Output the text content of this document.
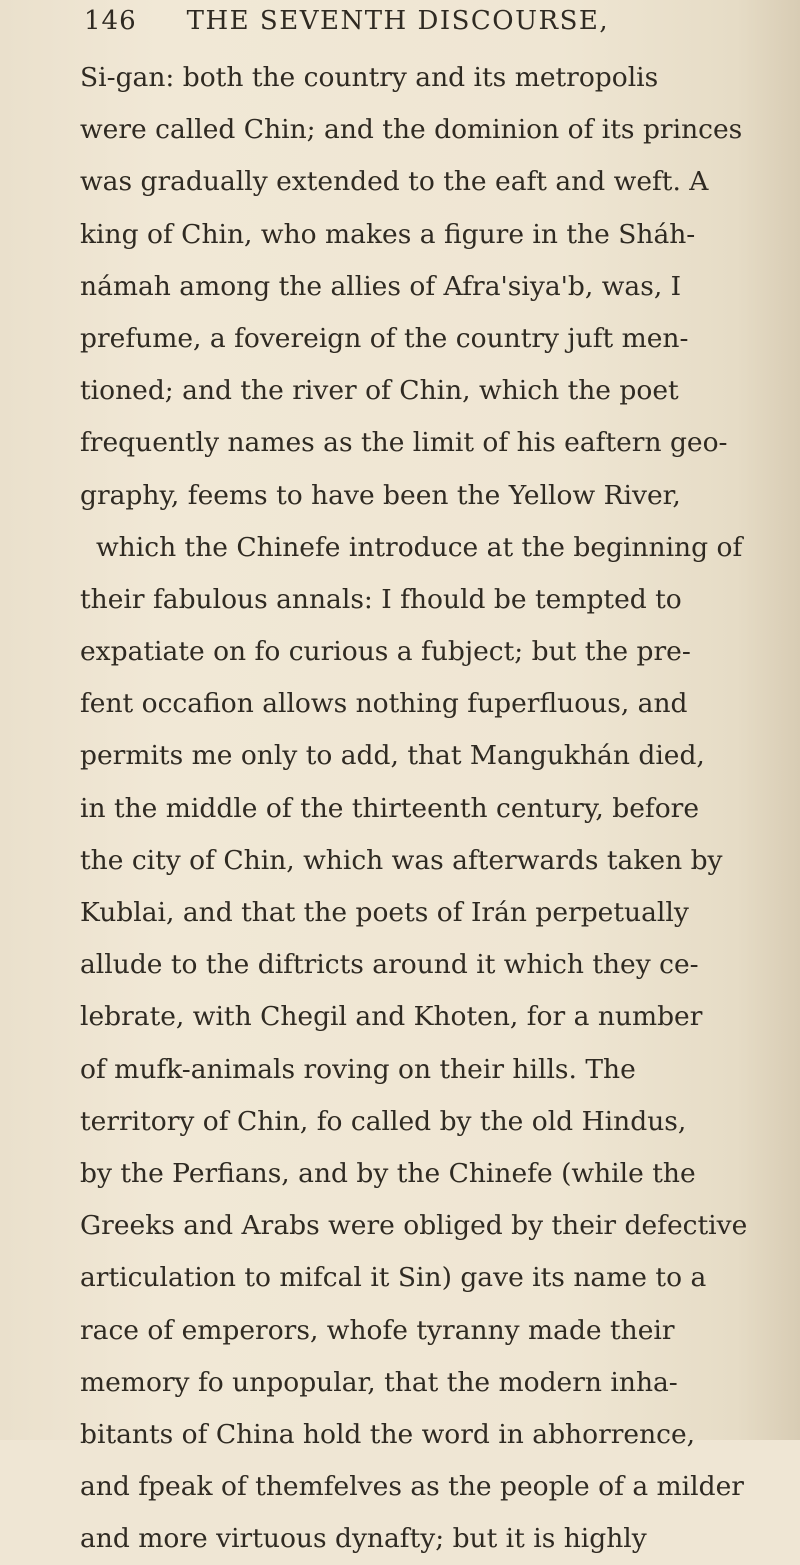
146 THE SEVENTH DISCOURSE,
Si-gan: both the country and its metropolis
were called Chin; and the dominion of its princes
was gradually extended to the eaft and weft. A
king of Chin, who makes a figure in the Sháh-
námah among the allies of Afra'siya'b, was, I
prefume, a fovereign of the country juft men-
tioned; and the river of Chin, which the poet
frequently names as the limit of his eaftern geo-
graphy, feems to have been the Yellow River,
which the Chinefe introduce at the beginning of
their fabulous annals: I fhould be tempted to
expatiate on fo curious a fubject; but the pre-
fent occafion allows nothing fuperfluous, and
permits me only to add, that Mangukhán died,
in the middle of the thirteenth century, before
the city of Chin, which was afterwards taken by
Kublai, and that the poets of Irán perpetually
allude to the diftricts around it which they ce-
lebrate, with Chegil and Khoten, for a number
of mufk-animals roving on their hills. The
territory of Chin, fo called by the old Hindus,
by the Perfians, and by the Chinefe (while the
Greeks and Arabs were obliged by their defective
articulation to mifcal it Sin) gave its name to a
race of emperors, whofe tyranny made their
memory fo unpopular, that the modern inha-
bitants of China hold the word in abhorrence,
and fpeak of themfelves as the people of a milder
and more virtuous dynafty; but it is highly
